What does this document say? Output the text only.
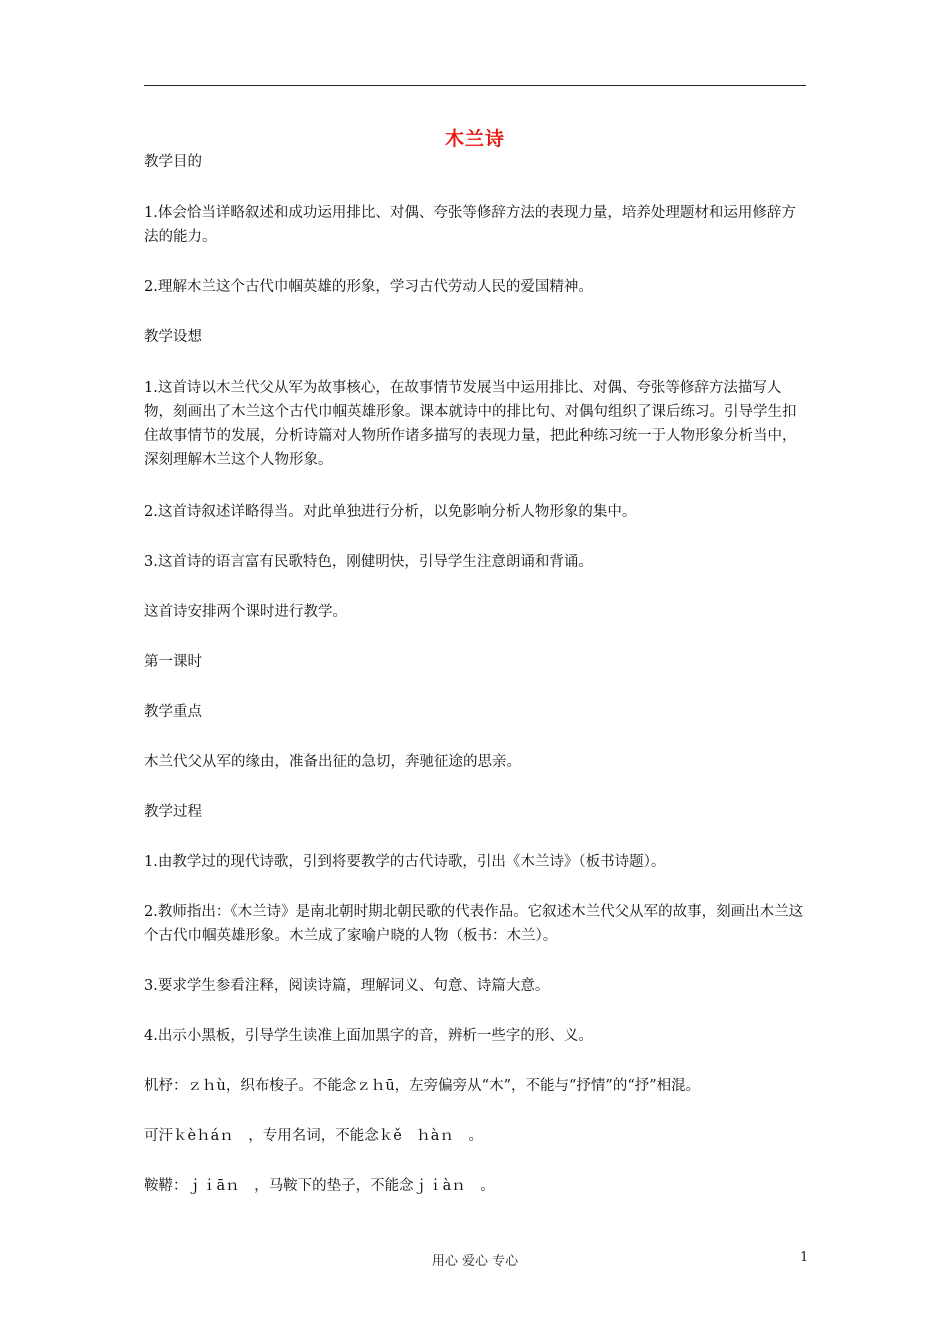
木兰诗

教学目的

1.体会恰当详略叙述和成功运用排比、对偶、夸张等修辞方法的表现力量，培养处理题材和运用修辞方法的能力。

2.理解木兰这个古代巾帼英雄的形象，学习古代劳动人民的爱国精神。

教学设想

1.这首诗以木兰代父从军为故事核心，在故事情节发展当中运用排比、对偶、夸张等修辞方法描写人物，刻画出了木兰这个古代巾帼英雄形象。课本就诗中的排比句、对偶句组织了课后练习。引导学生扣住故事情节的发展，分析诗篇对人物所作诸多描写的表现力量，把此种练习统一于人物形象分析当中，深刻理解木兰这个人物形象。

2.这首诗叙述详略得当。对此单独进行分析，以免影响分析人物形象的集中。

3.这首诗的语言富有民歌特色，刚健明快，引导学生注意朗诵和背诵。

这首诗安排两个课时进行教学。

第一课时

教学重点

木兰代父从军的缘由，准备出征的急切，奔驰征途的思亲。

教学过程

1.由教学过的现代诗歌，引到将要教学的古代诗歌，引出《木兰诗》（板书诗题）。

2.教师指出：《木兰诗》是南北朝时期北朝民歌的代表作品。它叙述木兰代父从军的故事，刻画出木兰这个古代巾帼英雄形象。木兰成了家喻户晓的人物（板书：木兰）。

3.要求学生参看注释，阅读诗篇，理解词义、句意、诗篇大意。

4.出示小黑板，引导学生读准上面加黑字的音，辨析一些字的形、义。

机杼：ｚｈù，织布梭子。不能念ｚｈū，左旁偏旁从“木”，不能与“抒情”的“抒”相混。

可汗ｋèｈáｎ　，专用名词，不能念ｋě　ｈàｎ　。

鞍鞯：ｊｉāｎ　，马鞍下的垫子，不能念ｊｉàｎ　。

用心 爱心 专心	1
